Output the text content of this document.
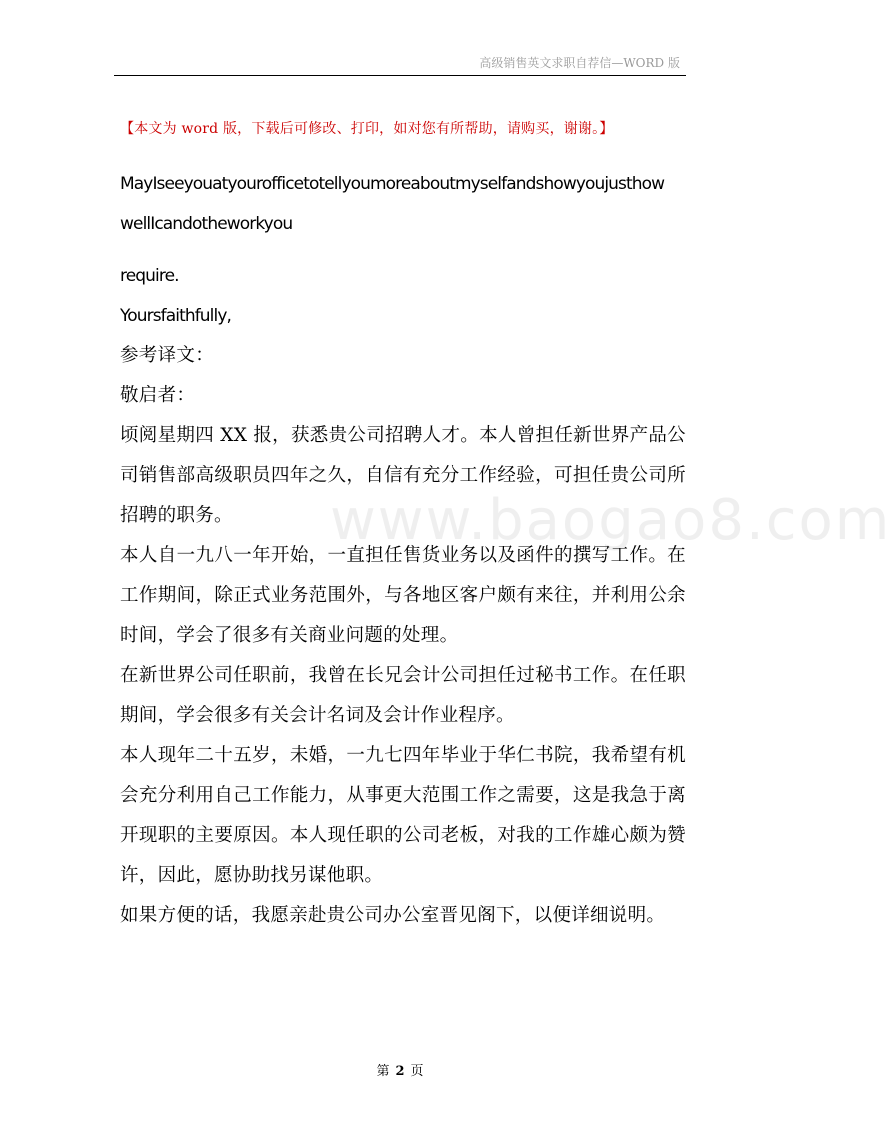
高级销售英文求职自荐信—WORD 版
【本文为 word 版，下载后可修改、打印，如对您有所帮助，请购买，谢谢。】
www.baogao8.com

MayIseeyouatyourofficetotellyoumoreaboutmyselfandshowyoujusthow

wellIcandotheworkyou

require.

Yoursfaithfully,

参考译文：

敬启者：

顷阅星期四 XX 报，获悉贵公司招聘人才。本人曾担任新世界产品公司销售部高级职员四年之久，自信有充分工作经验，可担任贵公司所招聘的职务。

本人自一九八一年开始，一直担任售货业务以及函件的撰写工作。在工作期间，除正式业务范围外，与各地区客户颇有来往，并利用公余时间，学会了很多有关商业问题的处理。

在新世界公司任职前，我曾在长兄会计公司担任过秘书工作。在任职期间，学会很多有关会计名词及会计作业程序。

本人现年二十五岁，未婚，一九七四年毕业于华仁书院，我希望有机会充分利用自己工作能力，从事更大范围工作之需要，这是我急于离开现职的主要原因。本人现任职的公司老板，对我的工作雄心颇为赞许，因此，愿协助找另谋他职。

如果方便的话，我愿亲赴贵公司办公室晋见阁下，以便详细说明。

第 2 页
